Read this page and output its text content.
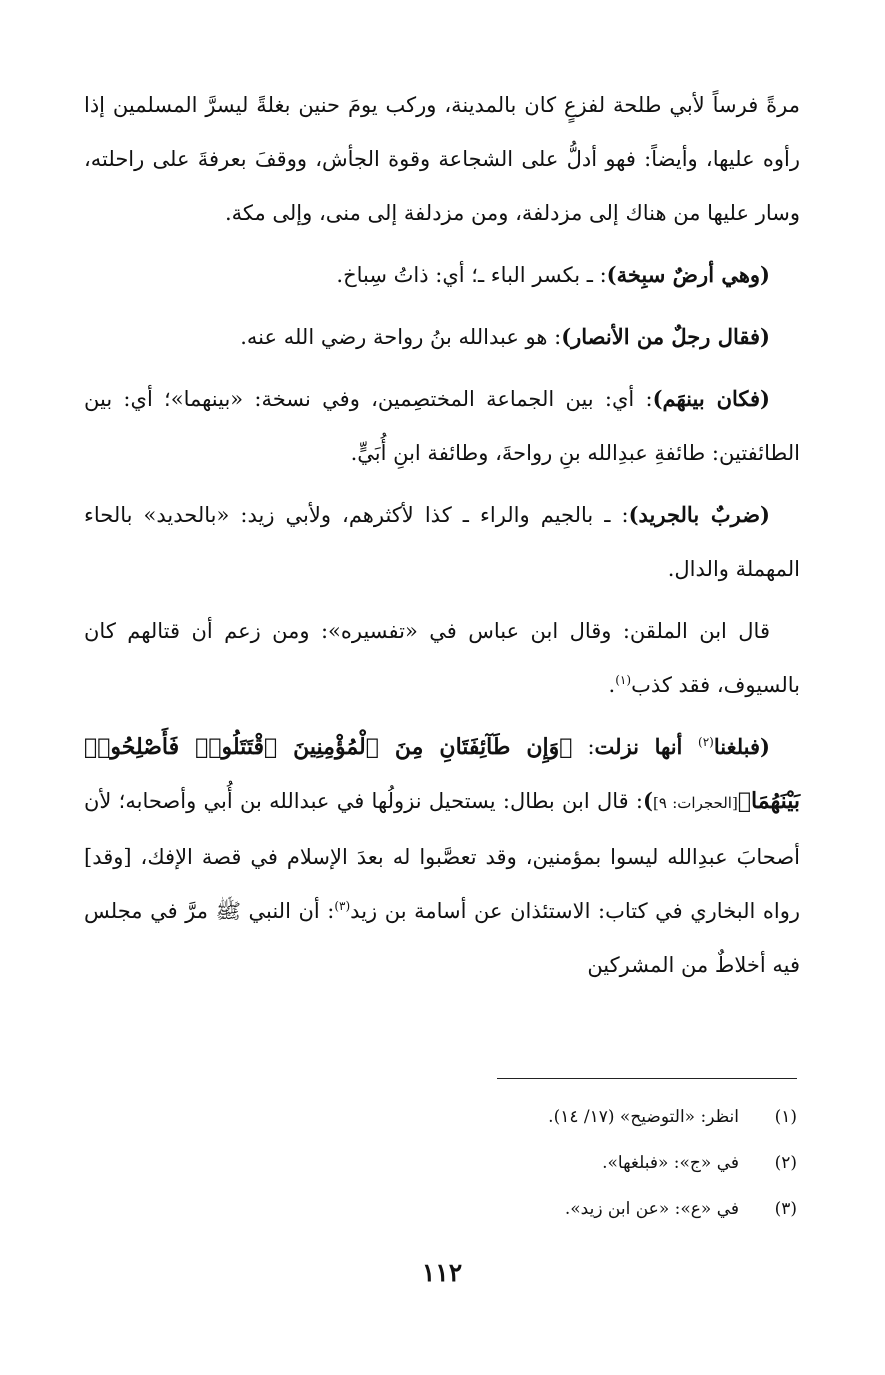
مرةً فرساً لأبي طلحة لفزعٍ كان بالمدينة، وركب يومَ حنين بغلةً ليسرَّ المسلمين إذا رأوه عليها، وأيضاً: فهو أدلُّ على الشجاعة وقوة الجأش، ووقفَ بعرفةَ على راحلته، وسار عليها من هناك إلى مزدلفة، ومن مزدلفة إلى منى، وإلى مكة.

(وهي أرضٌ سبِخة): ـ بكسر الباء ـ؛ أي: ذاتُ سِباخ.

(فقال رجلٌ من الأنصار): هو عبدالله بنُ رواحة رضي الله عنه.

(فكان بينهَم): أي: بين الجماعة المختصِمين، وفي نسخة: «بينهما»؛ أي: بين الطائفتين: طائفةِ عبدِالله بنِ رواحةَ، وطائفة ابنِ أُبَيٍّ.

(ضربٌ بالجريد): ـ بالجيم والراء ـ كذا لأكثرهم، ولأبي زيد: «بالحديد» بالحاء المهملة والدال.

قال ابن الملقن: وقال ابن عباس في «تفسيره»: ومن زعم أن قتالهم كان بالسيوف، فقد كذب$^{(١)}$.

(فبلغنا$^{(٢)}$ أنها نزلت: ﴿وَإِن طَآئِفَتَانِ مِنَ ٱلْمُؤْمِنِينَ ٱقْتَتَلُوا۟ فَأَصْلِحُوا۟ بَيْنَهُمَا﴾[الحجرات: ٩]): قال ابن بطال: يستحيل نزولُها في عبدالله بن أُبي وأصحابه؛ لأن أصحابَ عبدِالله ليسوا بمؤمنين، وقد تعصَّبوا له بعدَ الإسلام في قصة الإفك، [وقد] رواه البخاري في كتاب: الاستئذان عن أسامة بن زيد$^{(٣)}$: أن النبي ﷺ مرَّ في مجلس فيه أخلاطٌ من المشركين

(١)انظر: «التوضيح» (١٧/ ١٤).

(٢)في «ج»: «فبلغها».

(٣)في «ع»: «عن ابن زيد».

١١٢
